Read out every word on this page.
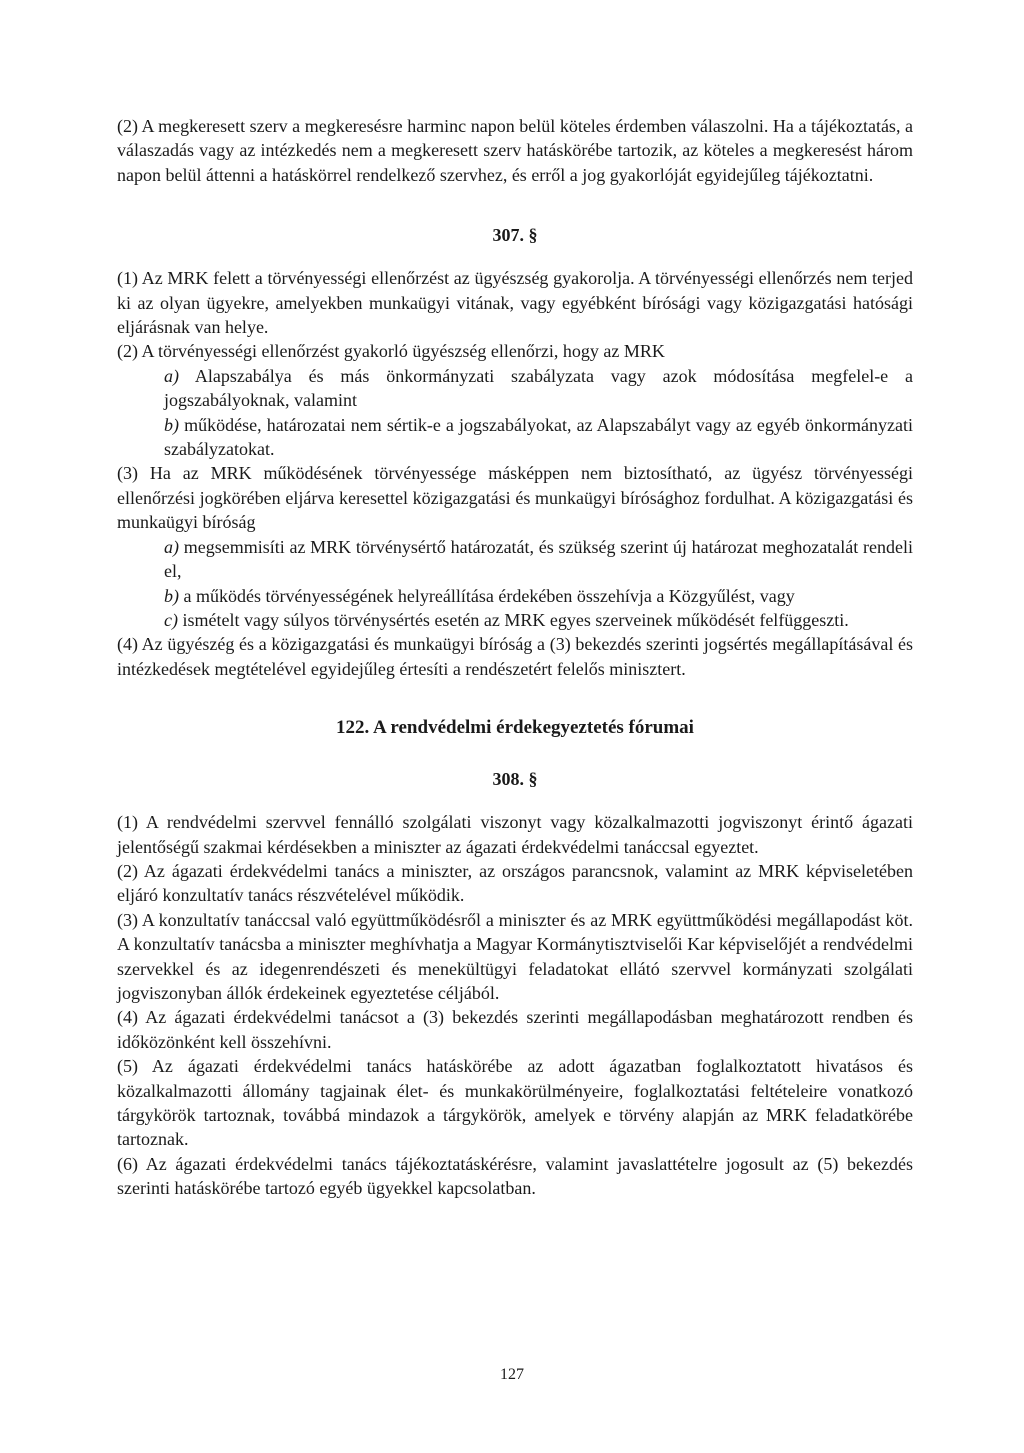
(2) A megkeresett szerv a megkeresésre harminc napon belül köteles érdemben válaszolni. Ha a tájékoztatás, a válaszadás vagy az intézkedés nem a megkeresett szerv hatáskörébe tartozik, az köteles a megkeresést három napon belül áttenni a hatáskörrel rendelkező szervhez, és erről a jog gyakorlóját egyidejűleg tájékoztatni.

307. §

(1) Az MRK felett a törvényességi ellenőrzést az ügyészség gyakorolja. A törvényességi ellenőrzés nem terjed ki az olyan ügyekre, amelyekben munkaügyi vitának, vagy egyébként bírósági vagy közigazgatási hatósági eljárásnak van helye.

(2) A törvényességi ellenőrzést gyakorló ügyészség ellenőrzi, hogy az MRK

a) Alapszabálya és más önkormányzati szabályzata vagy azok módosítása megfelel-e a jogszabályoknak, valamint

b) működése, határozatai nem sértik-e a jogszabályokat, az Alapszabályt vagy az egyéb önkormányzati szabályzatokat.

(3) Ha az MRK működésének törvényessége másképpen nem biztosítható, az ügyész törvényességi ellenőrzési jogkörében eljárva keresettel közigazgatási és munkaügyi bírósághoz fordulhat. A közigazgatási és munkaügyi bíróság

a) megsemmisíti az MRK törvénysértő határozatát, és szükség szerint új határozat meghozatalát rendeli el,

b) a működés törvényességének helyreállítása érdekében összehívja a Közgyűlést, vagy

c) ismételt vagy súlyos törvénysértés esetén az MRK egyes szerveinek működését felfüggeszti.

(4) Az ügyészég és a közigazgatási és munkaügyi bíróság a (3) bekezdés szerinti jogsértés megállapításával és intézkedések megtételével egyidejűleg értesíti a rendészetért felelős minisztert.

122. A rendvédelmi érdekegyeztetés fórumai

308. §

(1) A rendvédelmi szervvel fennálló szolgálati viszonyt vagy közalkalmazotti jogviszonyt érintő ágazati jelentőségű szakmai kérdésekben a miniszter az ágazati érdekvédelmi tanáccsal egyeztet.

(2) Az ágazati érdekvédelmi tanács a miniszter, az országos parancsnok, valamint az MRK képviseletében eljáró konzultatív tanács részvételével működik.

(3) A konzultatív tanáccsal való együttműködésről a miniszter és az MRK együttműködési megállapodást köt. A konzultatív tanácsba a miniszter meghívhatja a Magyar Kormánytisztviselői Kar képviselőjét a rendvédelmi szervekkel és az idegenrendészeti és menekültügyi feladatokat ellátó szervvel kormányzati szolgálati jogviszonyban állók érdekeinek egyeztetése céljából.

(4) Az ágazati érdekvédelmi tanácsot a (3) bekezdés szerinti megállapodásban meghatározott rendben és időközönként kell összehívni.

(5) Az ágazati érdekvédelmi tanács hatáskörébe az adott ágazatban foglalkoztatott hivatásos és közalkalmazotti állomány tagjainak élet- és munkakörülményeire, foglalkoztatási feltételeire vonatkozó tárgykörök tartoznak, továbbá mindazok a tárgykörök, amelyek e törvény alapján az MRK feladatkörébe tartoznak.

(6) Az ágazati érdekvédelmi tanács tájékoztatáskérésre, valamint javaslattételre jogosult az (5) bekezdés szerinti hatáskörébe tartozó egyéb ügyekkel kapcsolatban.

127
